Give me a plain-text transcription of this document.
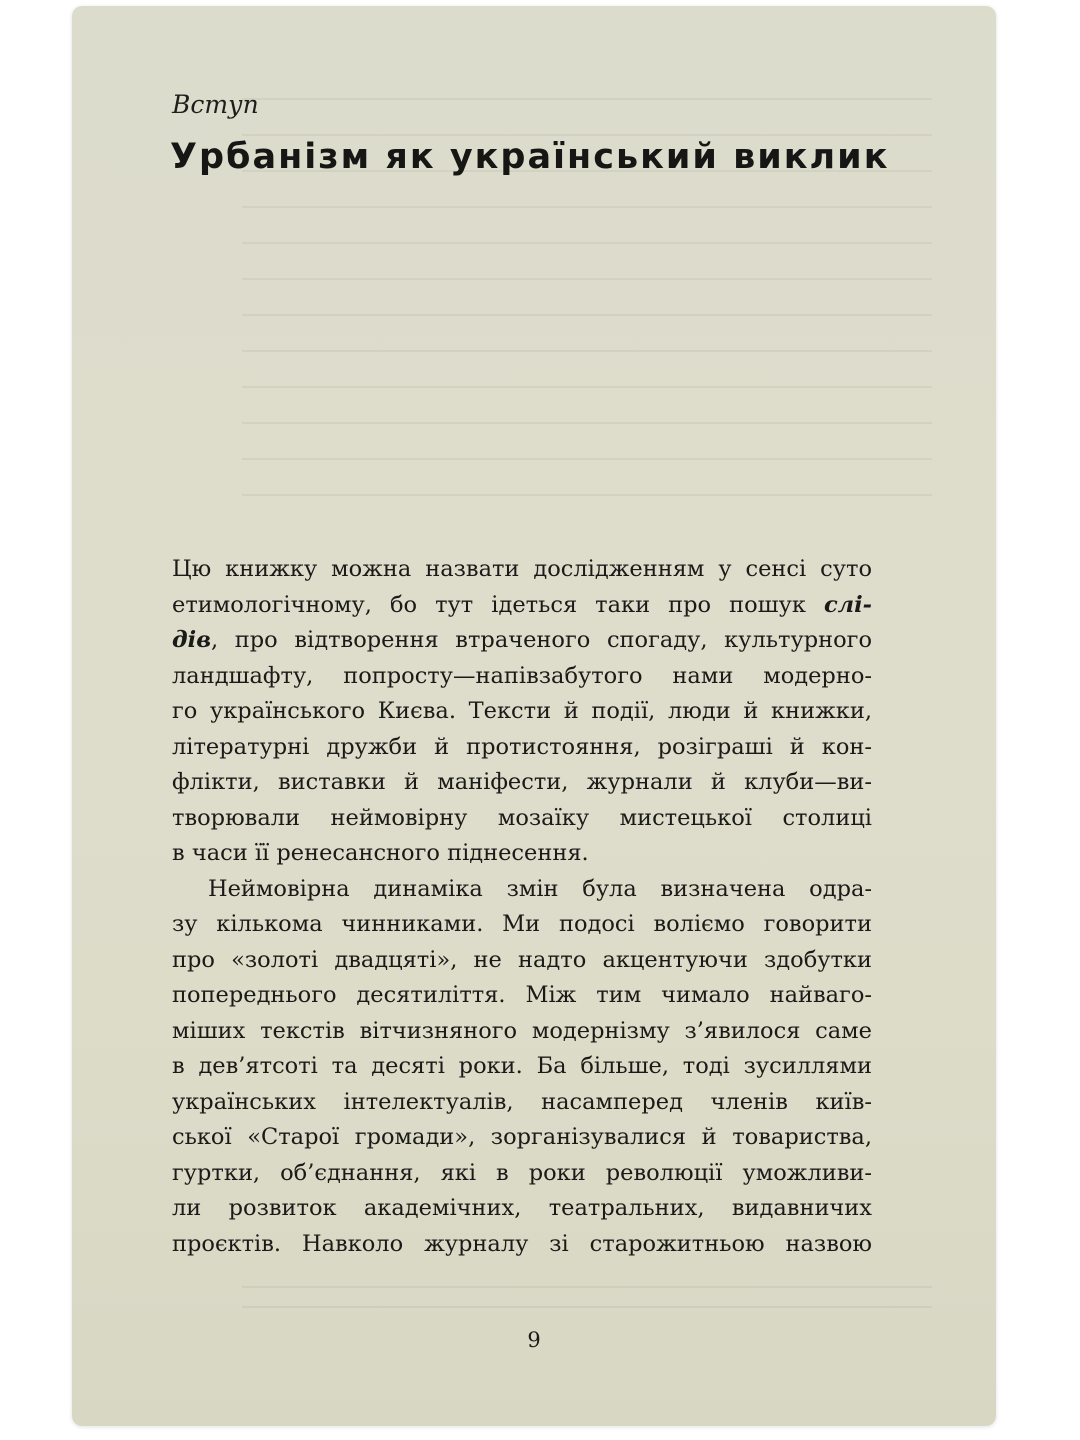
Вступ

Урбанізм як український виклик

Цю книжку можна назвати дослідженням у сенсі суто
етимологічному, бо тут ідеться таки про пошук слі-
дів, про відтворення втраченого спогаду, культурного
ландшафту, попросту—напівзабутого нами модерно-
го українського Києва. Тексти й події, люди й книжки,
літературні дружби й протистояння, розіграші й кон-
флікти, виставки й маніфести, журнали й клуби—ви-
творювали неймовірну мозаїку мистецької столиці
в часи її ренесансного піднесення.

Неймовірна динаміка змін була визначена одра-
зу кількома чинниками. Ми подосі воліємо говорити
про «золоті двадцяті», не надто акцентуючи здобутки
попереднього десятиліття. Між тим чимало найваго-
міших текстів вітчизняного модернізму з’явилося саме
в дев’ятсоті та десяті роки. Ба більше, тоді зусиллями
українських інтелектуалів, насамперед членів київ-
ської «Старої громади», зорганізувалися й товариства,
гуртки, об’єднання, які в роки революції уможливи-
ли розвиток академічних, театральних, видавничих
проєктів. Навколо журналу зі старожитньою назвою

9
